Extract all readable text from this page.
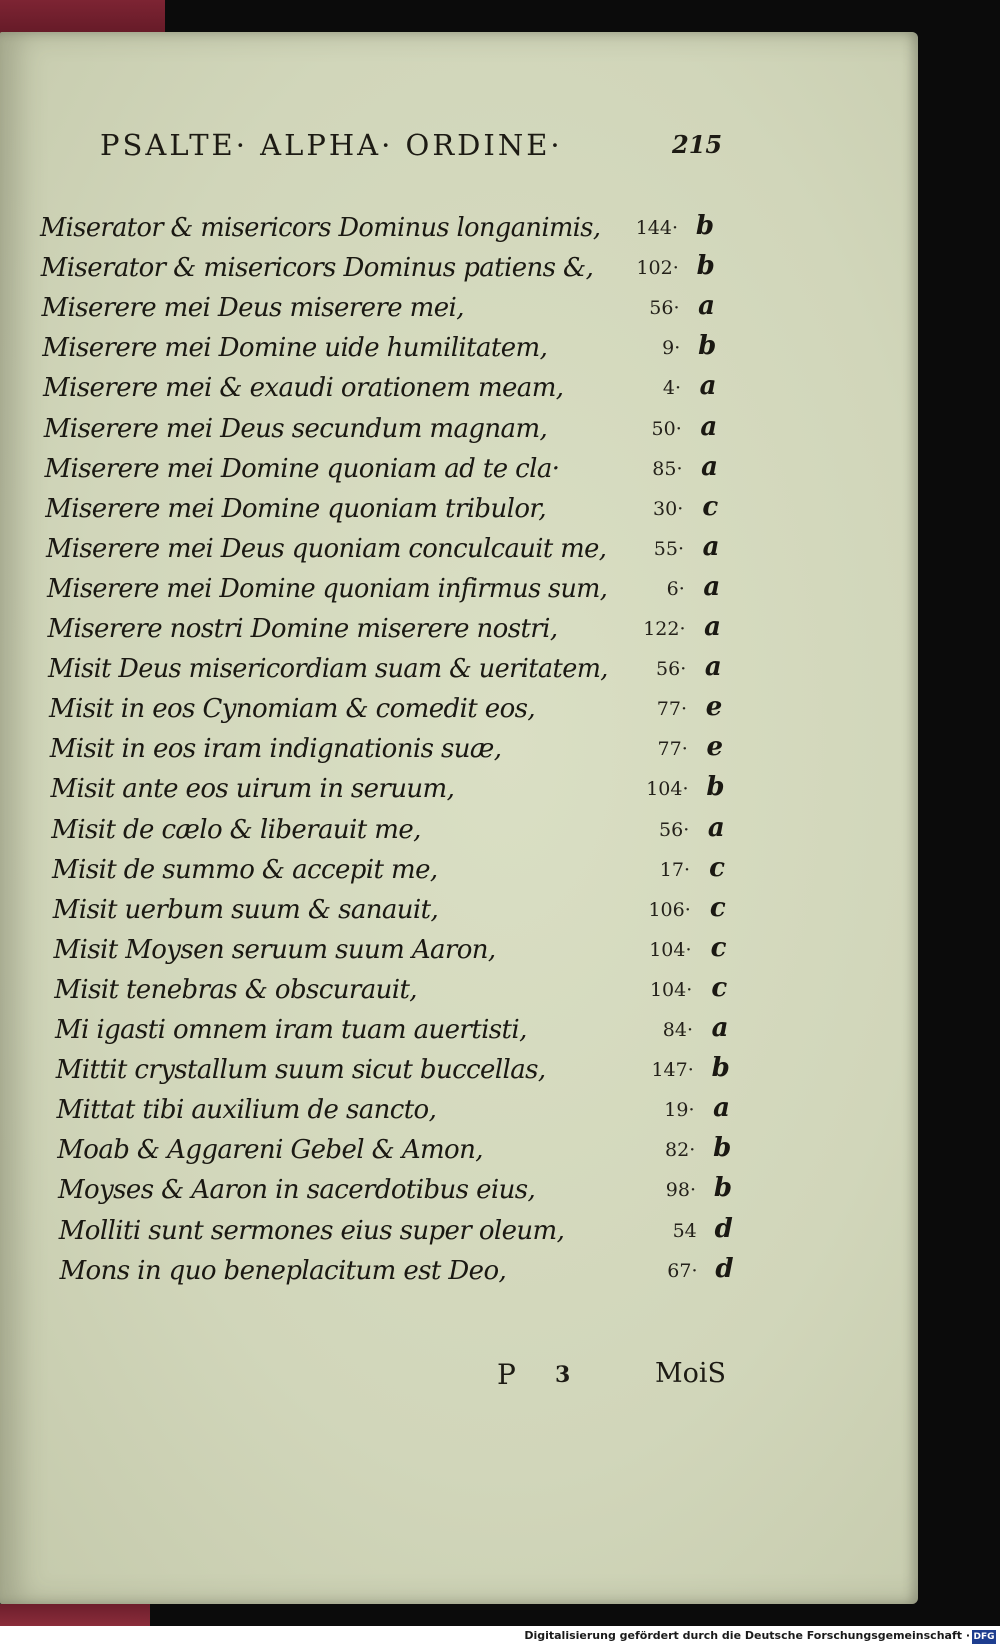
PSALTE· ALPHA· ORDINE·	215
Miserator & misericors Dominus longanimis,	144· b
Miserator & misericors Dominus patiens &,	102· b
Miserere mei Deus miserere mei,	56· a
Miserere mei Domine uide humilitatem,	9· b
Miserere mei & exaudi orationem meam,	4· a
Miserere mei Deus secundum magnam,	50· a
Miserere mei Domine quoniam ad te cla·	85· a
Miserere mei Domine quoniam tribulor,	30· c
Miserere mei Deus quoniam conculcauit me,	55· a
Miserere mei Domine quoniam infirmus sum,	6· a
Miserere nostri Domine miserere nostri,	122· a
Misit Deus misericordiam suam & ueritatem,	56· a
Misit in eos Cynomiam & comedit eos,	77· e
Misit in eos iram indignationis suæ,	77· e
Misit ante eos uirum in seruum,	104· b
Misit de cælo & liberauit me,	56· a
Misit de summo & accepit me,	17· c
Misit uerbum suum & sanauit,	106· c
Misit Moysen seruum suum Aaron,	104· c
Misit tenebras & obscurauit,	104· c
Mi igasti omnem iram tuam auertisti,	84· a
Mittit crystallum suum sicut buccellas,	147· b
Mittat tibi auxilium de sancto,	19· a
Moab & Aggareni Gebel & Amon,	82· b
Moyses & Aaron in sacerdotibus eius,	98· b
Molliti sunt sermones eius super oleum,	54 d
Mons in quo beneplacitum est Deo,	67· d
P 3	MoiS
Digitalisierung gefördert durch die Deutsche Forschungsgemeinschaft · DFG
